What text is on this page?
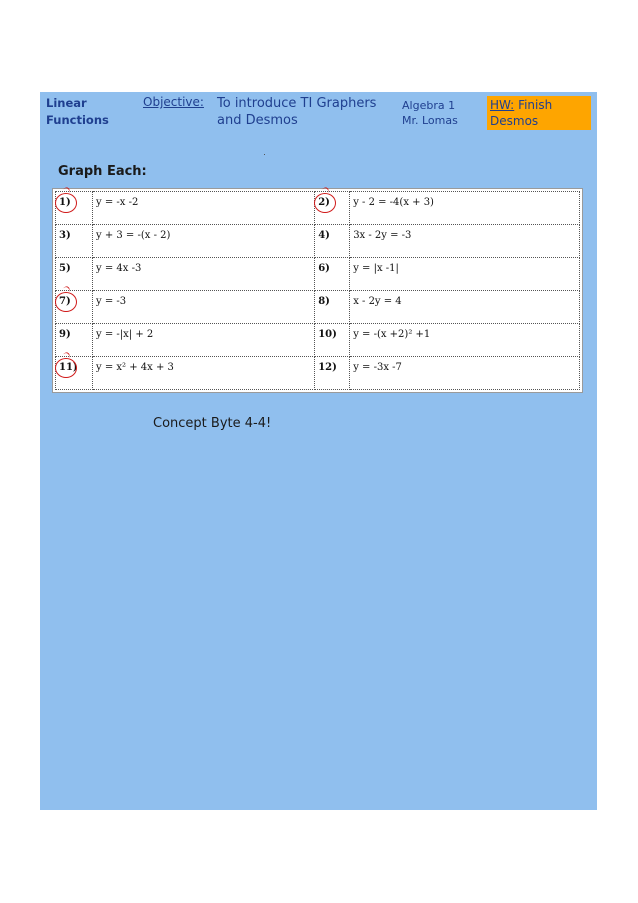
Linear
Functions
Objective: To introduce TI Graphers
and Desmos
Algebra 1
Mr. Lomas
HW: Finish
Desmos
Graph Each:
1)	y = -x -2	2)	y - 2 = -4(x + 3)
3)	y + 3 = -(x - 2)	4)	3x - 2y = -3
5)	y = 4x -3	6)	y = |x -1|
7)	y = -3	8)	x - 2y = 4
9)	y = -|x| + 2	10)	y = -(x +2)² +1
11)	y = x² + 4x + 3	12)	y = -3x -7
Concept Byte 4-4!
